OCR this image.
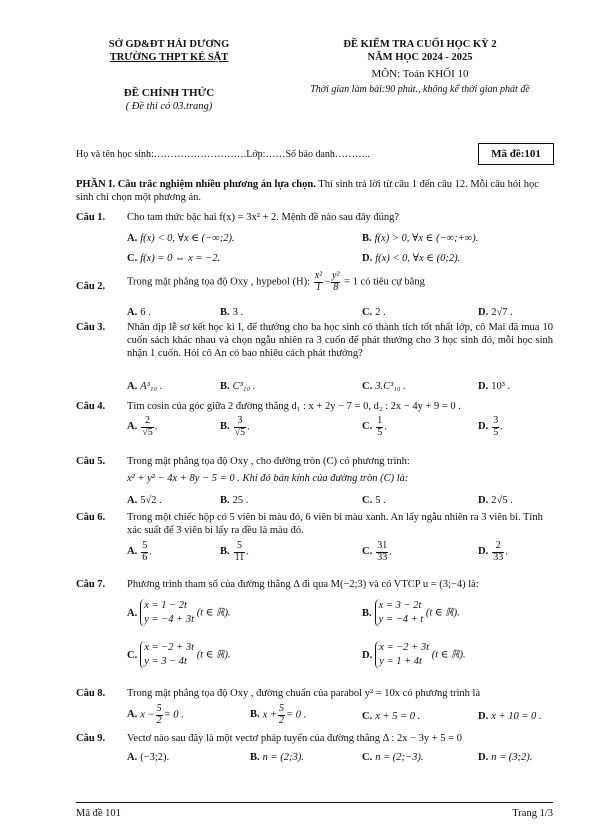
SỞ GD&ĐT HẢI DƯƠNG
TRƯỜNG THPT KẺ SẶT
ĐỀ CHÍNH THỨC
( Đề thi có 03.trang)
ĐỀ KIỂM TRA CUỐI HỌC KỲ 2
NĂM HỌC 2024 - 2025
MÔN: Toán KHỐI 10
Thời gian làm bài:90 phút., không kể thời gian phát đề
Họ và tên học sinh:……………………….Lớp:……Số báo danh………..	Mã đề:101
PHẦN I. Câu trắc nghiệm nhiều phương án lựa chọn. Thí sinh trả lời từ câu 1 đến câu 12. Mỗi câu hỏi học sinh chỉ chọn một phương án.
Câu 1. Cho tam thức bậc hai f(x) = 3x² + 2. Mệnh đề nào sau đây đúng?
A. f(x) < 0, ∀x ∈ (−∞;2).	B. f(x) > 0, ∀x ∈ (−∞;+∞).
C. f(x) = 0 ⇔ x = −2.	D. f(x) < 0, ∀x ∈ (0;2).
Câu 2. Trong mặt phẳng tọa độ Oxy , hypebol (H): $\frac{\text{x²}}{1} - \frac{\text{y²}}{8} = 1$ có tiêu cự bằng
A. 6 .	B. 3 .	C. 2 .	D. 2√7 .
Câu 3. Nhân dịp lễ sơ kết học kì I, để thưởng cho ba học sinh có thành tích tốt nhất lớp, cô Mai đã mua 10 cuốn sách khác nhau và chọn ngẫu nhiên ra 3 cuốn để phát thưởng cho 3 học sinh đó, mỗi học sinh nhận 1 cuốn. Hỏi cô An có bao nhiêu cách phát thưởng?
A. A³₁₀ .	B. C³₁₀ .	C. 3.C³₁₀ .	D. 10³ .
Câu 4. Tìm cosin của góc giữa 2 đường thẳng d₁ : x + 2y − 7 = 0, d₂ : 2x − 4y + 9 = 0 .
A. $\frac{2}{√5}$ .	B. $\frac{3}{√5}$ .	C. $\frac{1}{5}$ .	D. $\frac{3}{5}$ .
Câu 5. Trong mặt phẳng tọa độ Oxy , cho đường tròn (C) có phương trình:
x² + y² − 4x + 8y − 5 = 0 . Khi đó bán kính của đường tròn (C) là:
A. 5√2 .	B. 25 .	C. 5 .	D. 2√5 .
Câu 6. Trong một chiếc hộp có 5 viên bi màu đỏ, 6 viên bi màu xanh. An lấy ngẫu nhiên ra 3 viên bi. Tính xác suất để 3 viên bi lấy ra đều là màu đỏ.
A. $\frac{5}{6}$ .	B. $\frac{5}{11}$ .	C. $\frac{31}{33}$ .	D. $\frac{2}{33}$ .
Câu 7. Phương trình tham số của đường thẳng Δ đi qua M(−2;3) và có VTCP u = (3;−4) là:
A.
x = 1 − 2t
y = −4 + 3t
(t ∈ ℝ).	B.
x = 3 − 2t
y = −4 + t
(t ∈ ℝ).
C.
x = −2 + 3t
y = 3 − 4t
(t ∈ ℝ).	D.
x = −2 + 3t
y = 1 + 4t
(t ∈ ℝ).
Câu 8. Trong mặt phẳng tọa độ Oxy , đường chuẩn của parabol y² = 10x có phương trình là
A. $x - \frac{5}{2} = 0$ .	B. $x + \frac{5}{2} = 0$ .	C. x + 5 = 0 .	D. x + 10 = 0 .
Câu 9. Vectơ nào sau đây là một vectơ pháp tuyến của đường thẳng Δ : 2x − 3y + 5 = 0
A. (−3;2).	B. n = (2;3).	C. n = (2;−3).	D. n = (3;2).
Mã đề 101	Trang 1/3
